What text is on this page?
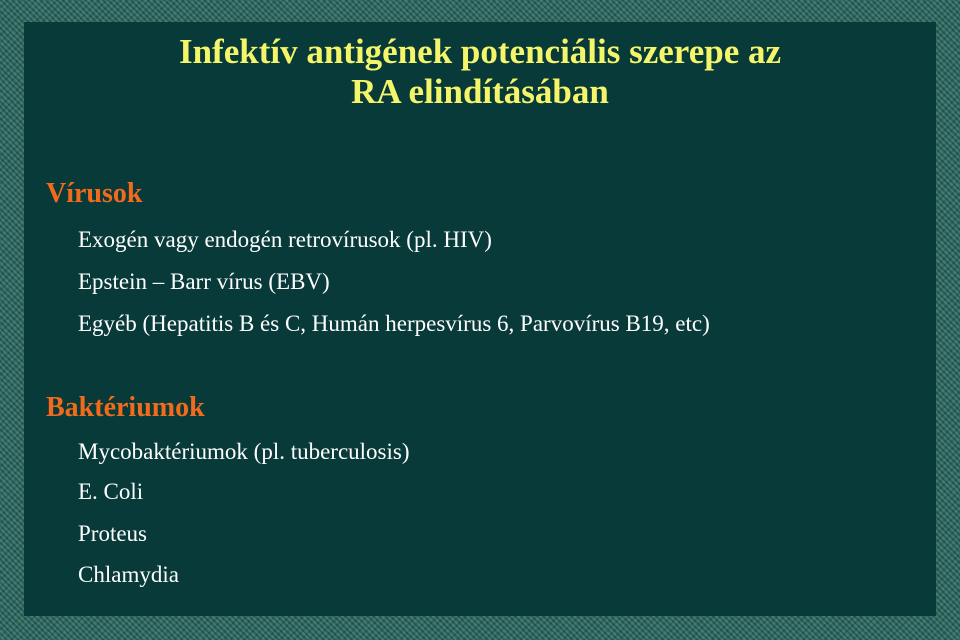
Infektív antigének potenciális szerepe az
RA elindításában
Vírusok

Exogén vagy endogén retrovírusok (pl. HIV)

Epstein – Barr vírus (EBV)

Egyéb (Hepatitis B és C, Humán herpesvírus 6, Parvovírus B19, etc)

Baktériumok

Mycobaktériumok (pl. tuberculosis)

E. Coli

Proteus

Chlamydia
